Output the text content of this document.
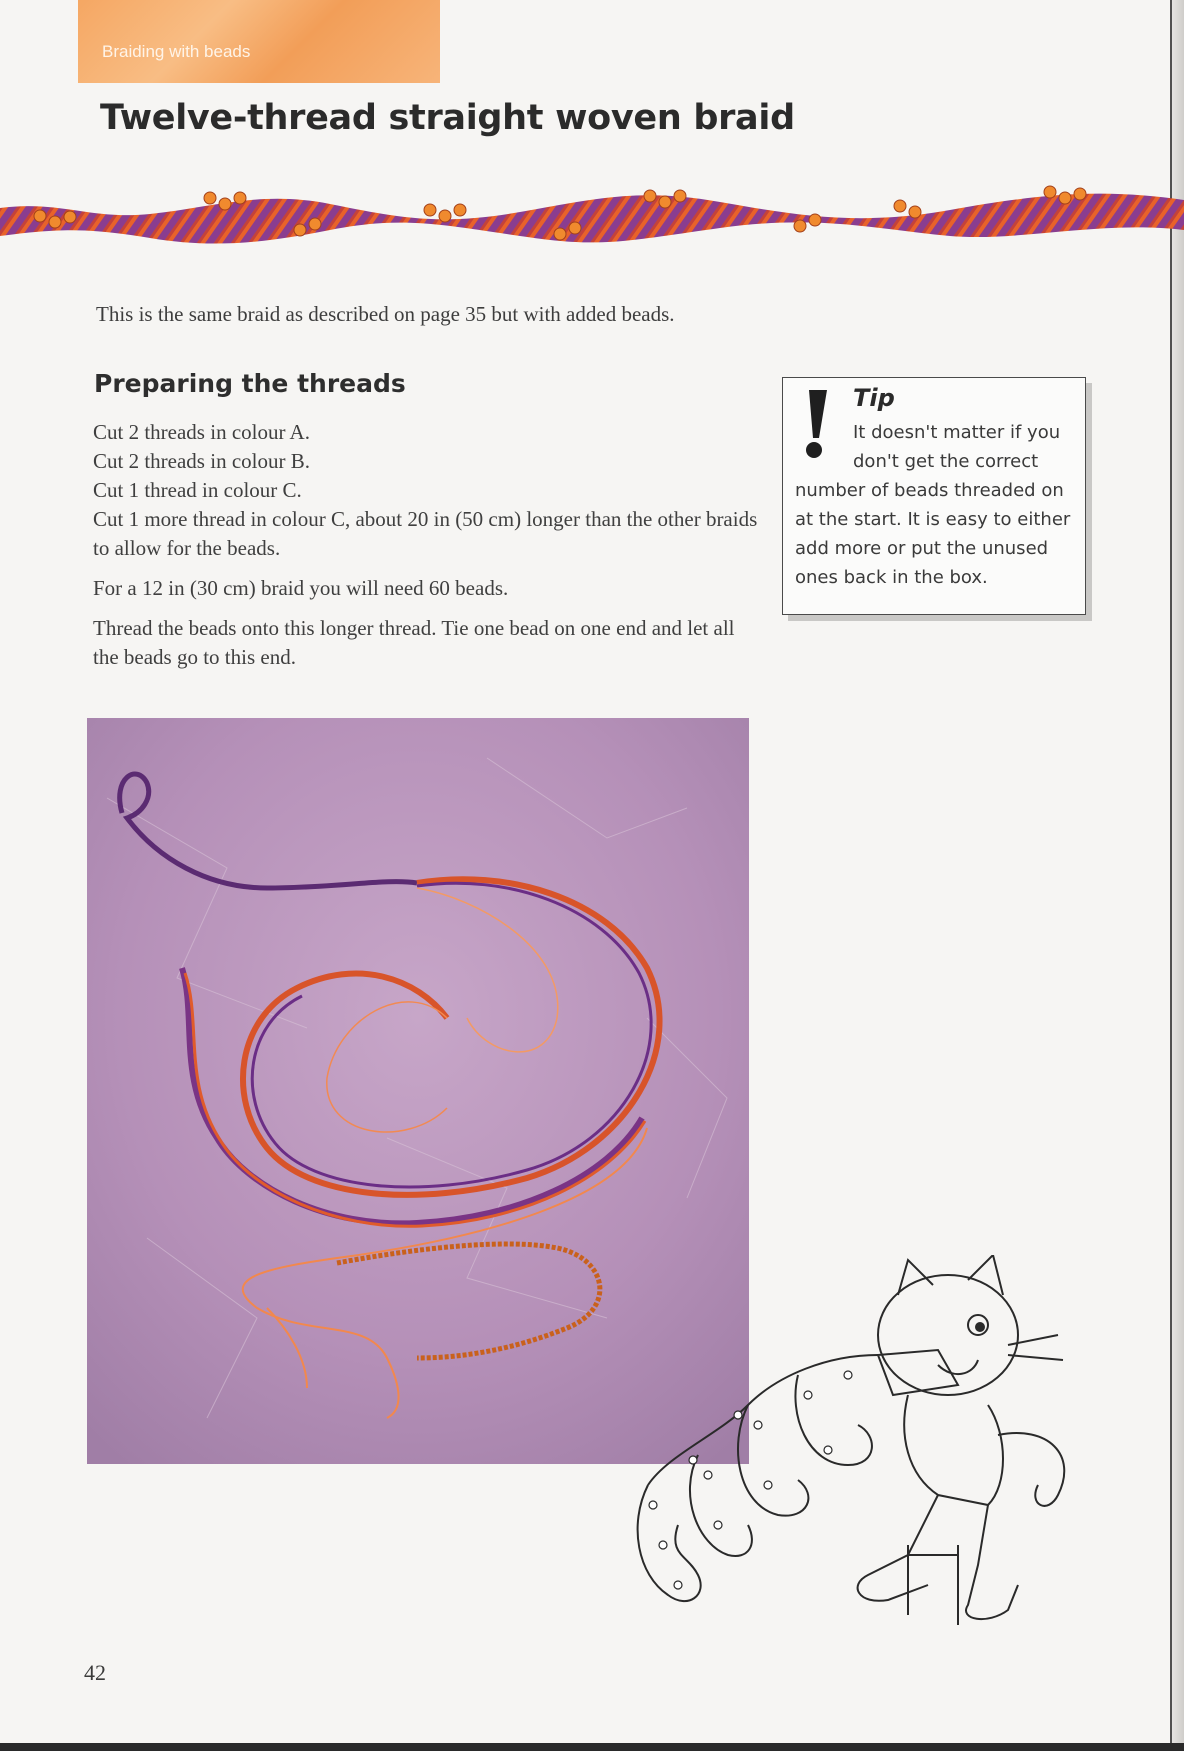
Braiding with beads
Twelve-thread straight woven braid

This is the same braid as described on page 35 but with added beads.

Preparing the threads

Cut 2 threads in colour A.

Cut 2 threads in colour B.

Cut 1 thread in colour C.

Cut 1 more thread in colour C, about 20 in (50 cm) longer than the other braids to allow for the beads.

For a 12 in (30 cm) braid you will need 60 beads.

Thread the beads onto this longer thread. Tie one bead on one end and let all the beads go to this end.

Tip
It doesn't matter if you
don't get the correct
number of beads threaded on at the start. It is easy to either add more or put the unused ones back in the box.
42
